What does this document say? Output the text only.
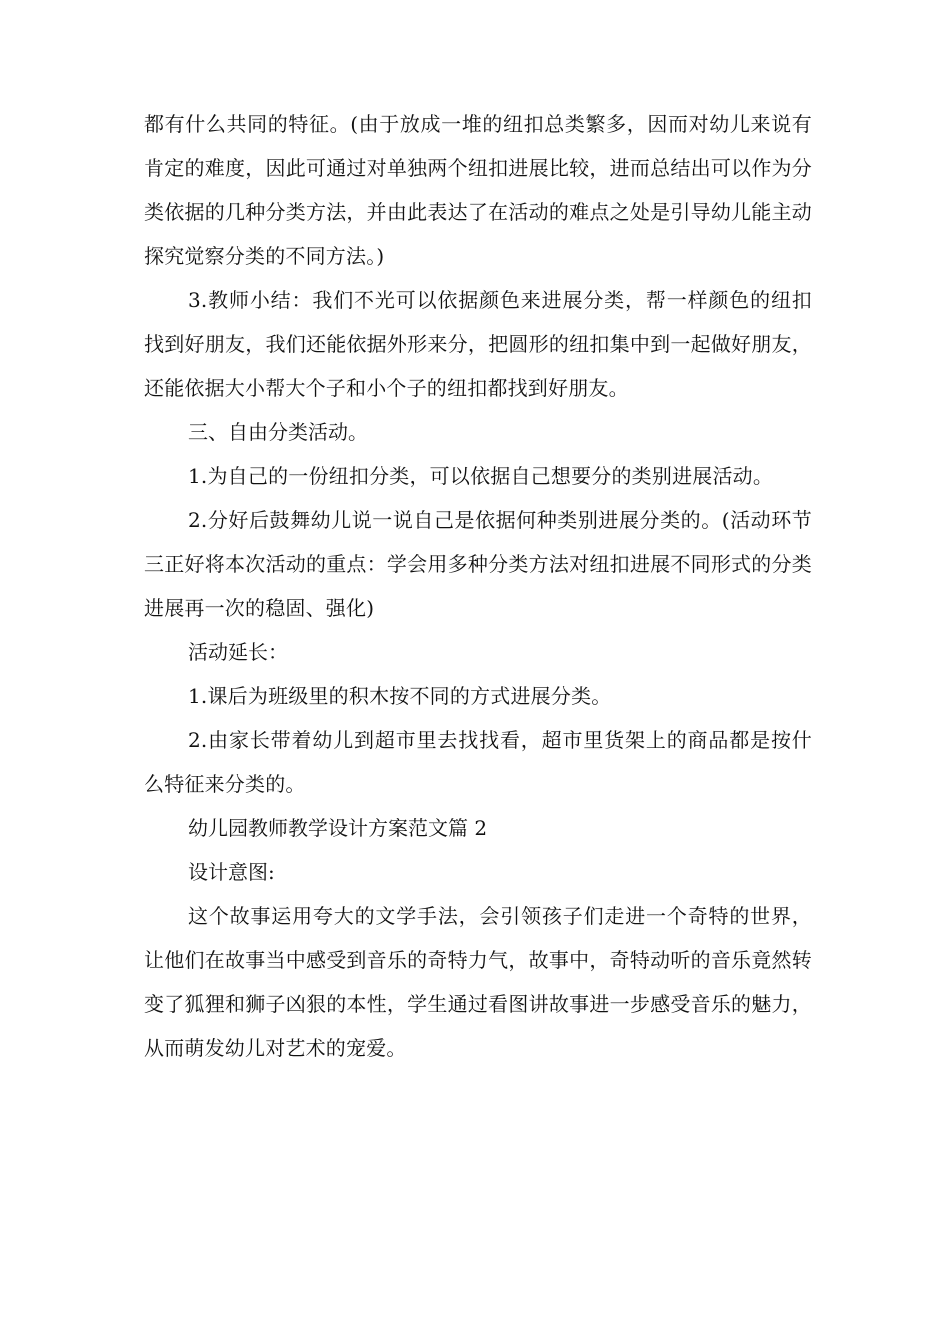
都有什么共同的特征。(由于放成一堆的纽扣总类繁多，因而对幼儿来说有肯定的难度，因此可通过对单独两个纽扣进展比较，进而总结出可以作为分类依据的几种分类方法，并由此表达了在活动的难点之处是引导幼儿能主动探究觉察分类的不同方法。)

3.教师小结：我们不光可以依据颜色来进展分类，帮一样颜色的纽扣找到好朋友，我们还能依据外形来分，把圆形的纽扣集中到一起做好朋友，还能依据大小帮大个子和小个子的纽扣都找到好朋友。

三、自由分类活动。

1.为自己的一份纽扣分类，可以依据自己想要分的类别进展活动。

2.分好后鼓舞幼儿说一说自己是依据何种类别进展分类的。(活动环节三正好将本次活动的重点：学会用多种分类方法对纽扣进展不同形式的分类进展再一次的稳固、强化)

活动延长：

1.课后为班级里的积木按不同的方式进展分类。

2.由家长带着幼儿到超市里去找找看，超市里货架上的商品都是按什么特征来分类的。

幼儿园教师教学设计方案范文篇 2

设计意图:

这个故事运用夸大的文学手法，会引领孩子们走进一个奇特的世界，让他们在故事当中感受到音乐的奇特力气，故事中，奇特动听的音乐竟然转变了狐狸和狮子凶狠的本性，学生通过看图讲故事进一步感受音乐的魅力，从而萌发幼儿对艺术的宠爱。
